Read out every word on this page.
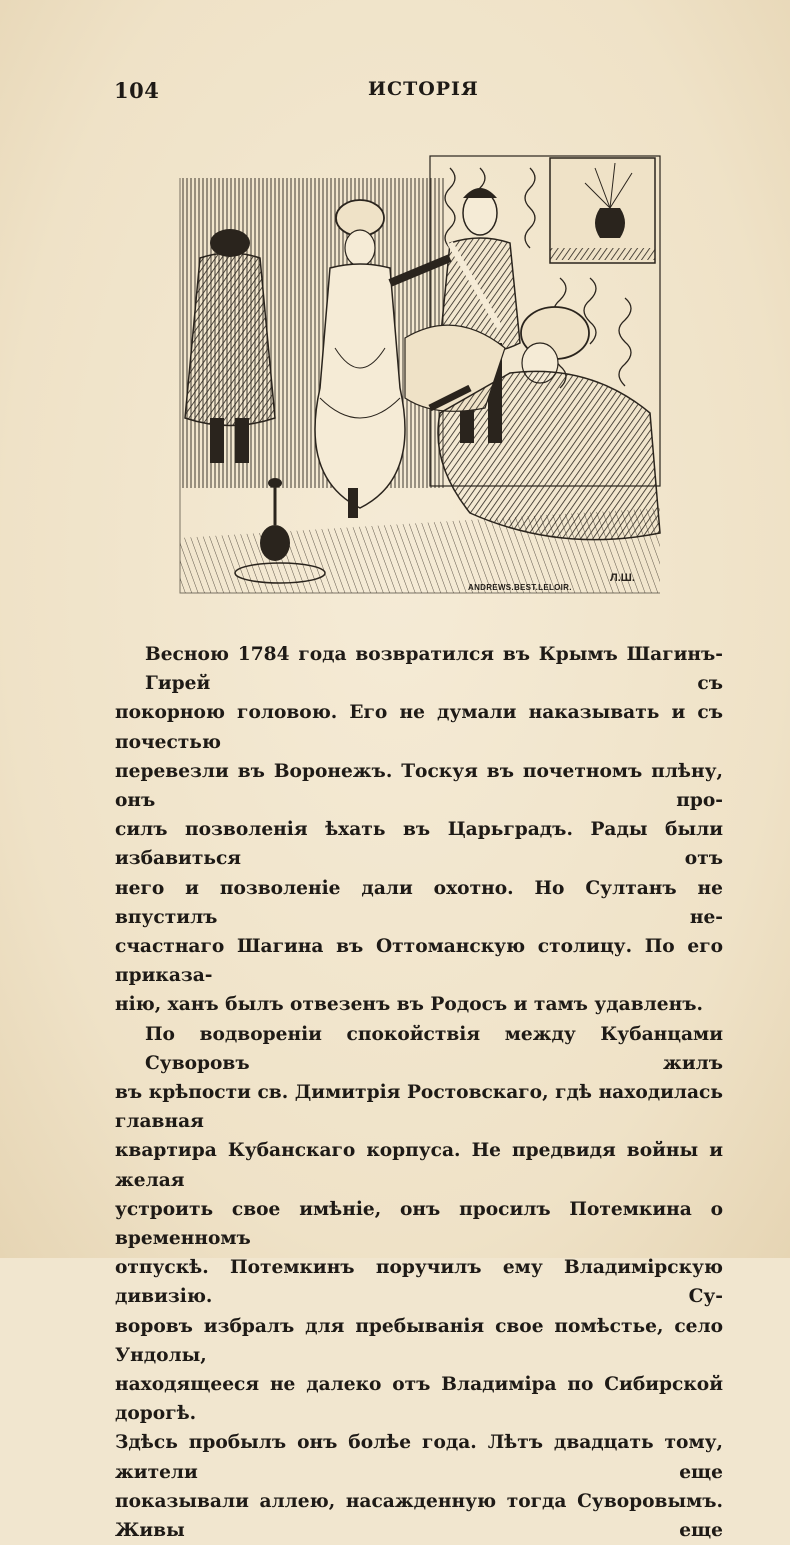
104	ИСТОРІЯ
Л.Ш.
ANDREWS.BEST.LELOIR.

Весною 1784 года возвратился въ Крымъ Шагинъ-Гирей съ
покорною головою. Его не думали наказывать и съ почестью
перевезли въ Воронежъ. Тоскуя въ почетномъ плѣну, онъ про-
силъ позволенія ѣхать въ Царьградъ. Рады были избавиться отъ
него и позволеніе дали охотно. Но Султанъ не впустилъ не-
счастнаго Шагина въ Оттоманскую столицу. По его приказа-
нію, ханъ былъ отвезенъ въ Родосъ и тамъ удавленъ.

По водвореніи спокойствія между Кубанцами Суворовъ жилъ
въ крѣпости св. Димитрія Ростовскаго, гдѣ находилась главная
квартира Кубанскаго корпуса. Не предвидя войны и желая
устроить свое имѣніе, онъ просилъ Потемкина о временномъ
отпускѣ. Потемкинъ поручилъ ему Владимірскую дивизію. Су-
воровъ избралъ для пребыванія свое помѣстье, село Ундолы,
находящееся не далеко отъ Владиміра по Сибирской дорогѣ.
Здѣсь пробылъ онъ болѣе года. Лѣтъ двадцать тому, жители еще
показывали аллею, насажденную тогда Суворовымъ. Живы еще
